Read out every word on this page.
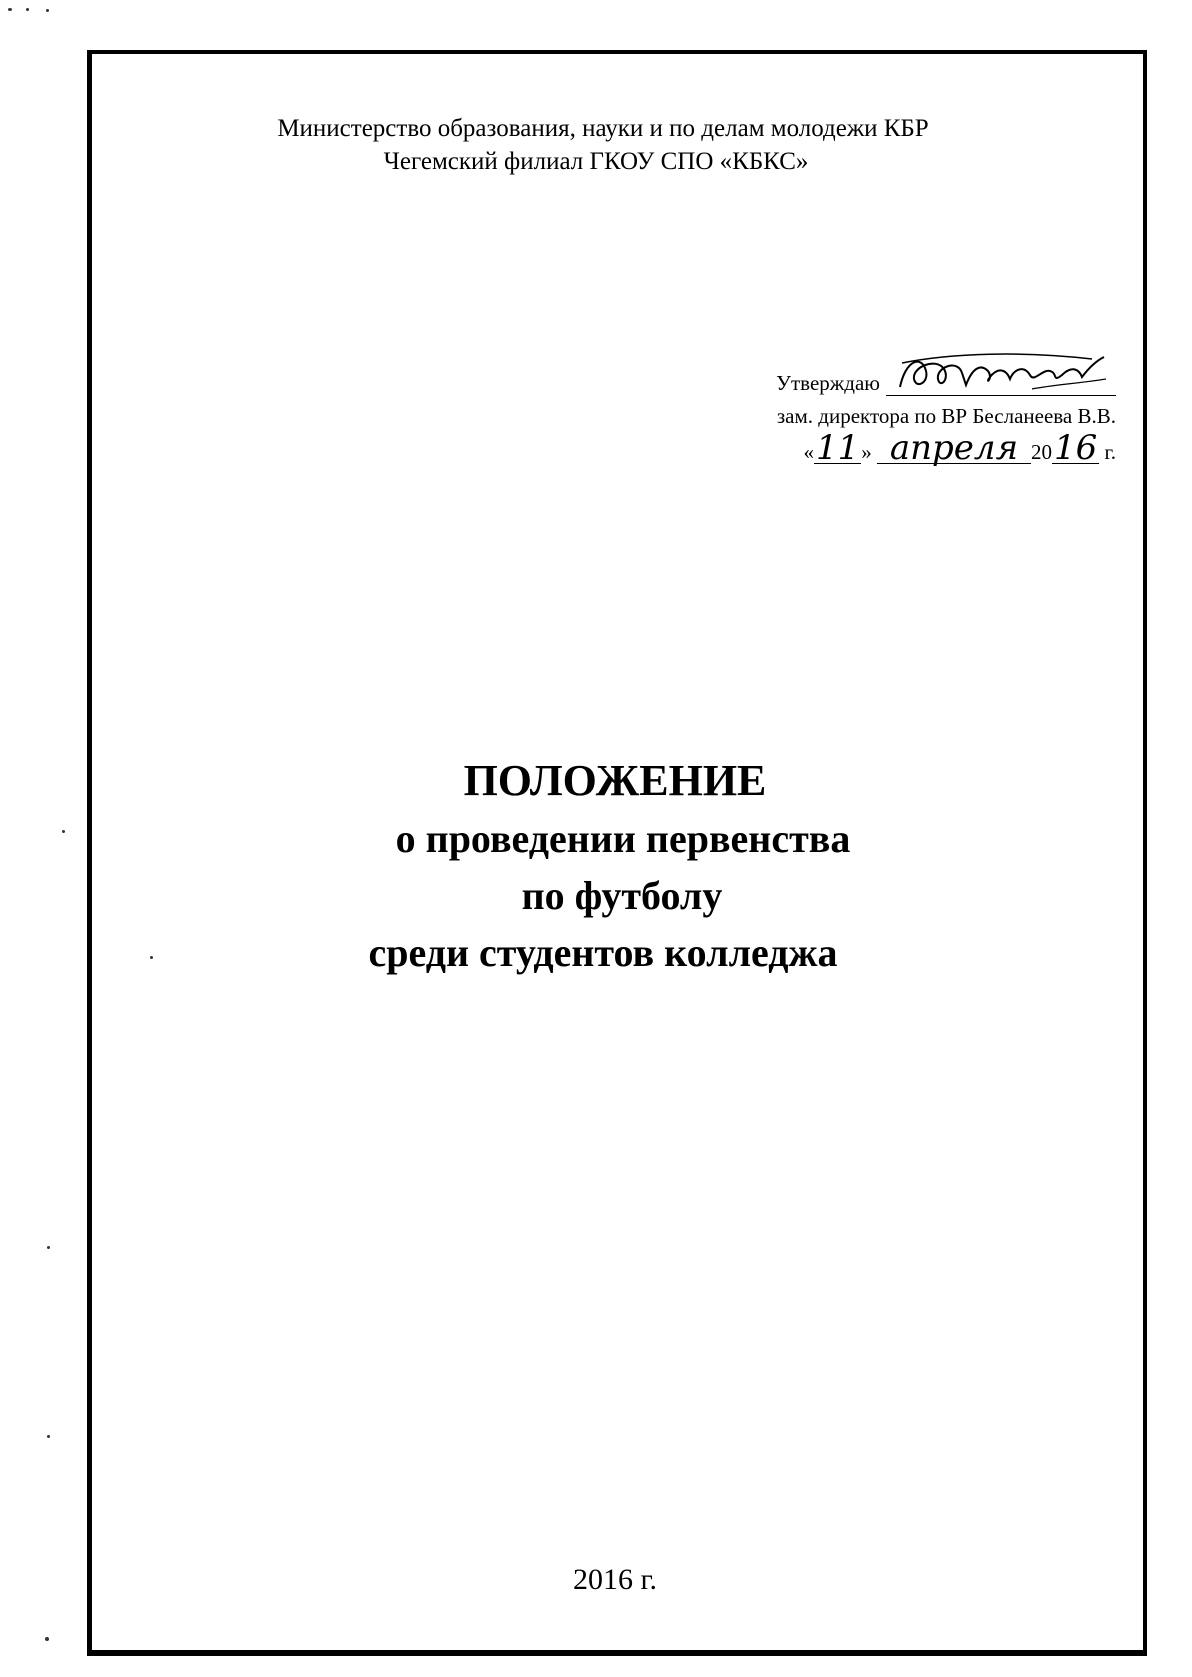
Министерство образования, науки и по делам молодежи КБР
Чегемский филиал ГКОУ СПО «КБКС»
Утверждаю
зам. директора по ВР Бесланеева В.В.
«11» апреля 2016 г.
ПОЛОЖЕНИЕ
о проведении первенства
по футболу
среди студентов колледжа
2016 г.
